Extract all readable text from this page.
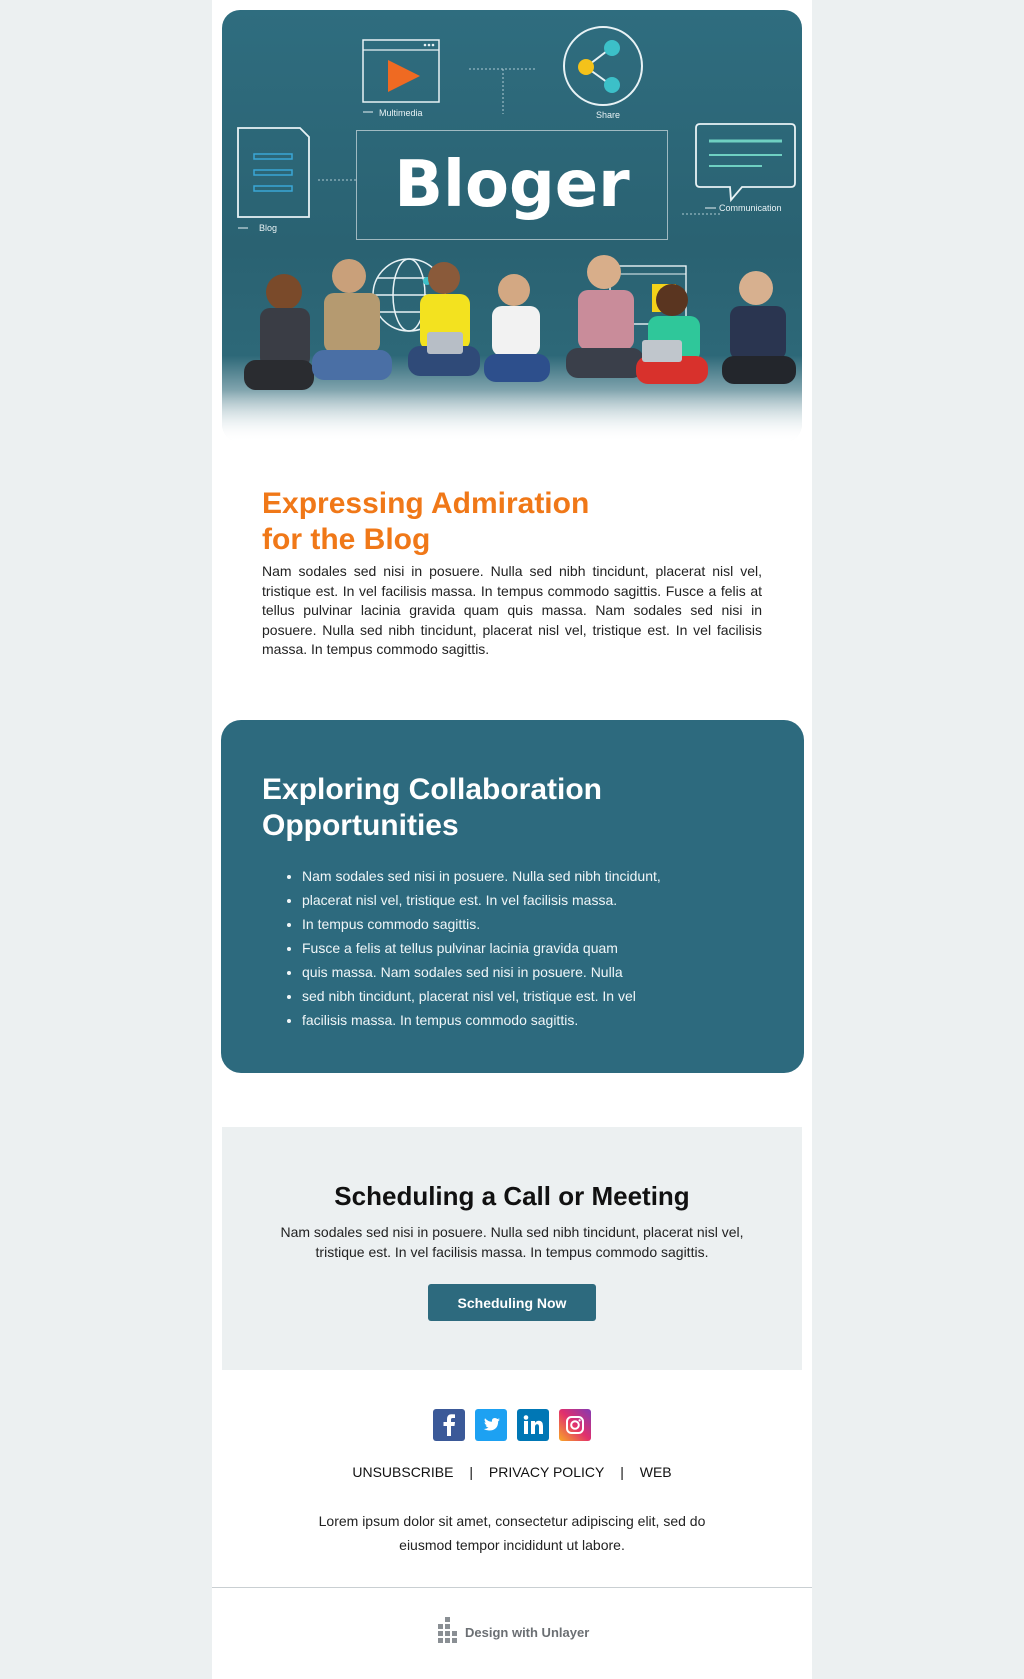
Bloger
Multimedia	Share
Blog
Communication
Expressing Admiration
for the Blog

Nam sodales sed nisi in posuere. Nulla sed nibh tincidunt, placerat nisl vel, tristique est. In vel facilisis massa. In tempus commodo sagittis. Fusce a felis at tellus pulvinar lacinia gravida quam quis massa. Nam sodales sed nisi in posuere. Nulla sed nibh tincidunt, placerat nisl vel, tristique est. In vel facilisis massa. In tempus commodo sagittis.

Exploring Collaboration
Opportunities
• Nam sodales sed nisi in posuere. Nulla sed nibh tincidunt,
• placerat nisl vel, tristique est. In vel facilisis massa.
• In tempus commodo sagittis.
• Fusce a felis at tellus pulvinar lacinia gravida quam
• quis massa. Nam sodales sed nisi in posuere. Nulla
• sed nibh tincidunt, placerat nisl vel, tristique est. In vel
• facilisis massa. In tempus commodo sagittis.
Scheduling a Call or Meeting

Nam sodales sed nisi in posuere. Nulla sed nibh tincidunt, placerat nisl vel, tristique est. In vel facilisis massa. In tempus commodo sagittis.

Scheduling Now
UNSUBSCRIBE | PRIVACY POLICY | WEB

Lorem ipsum dolor sit amet, consectetur adipiscing elit, sed do eiusmod tempor incididunt ut labore.

Design with Unlayer
